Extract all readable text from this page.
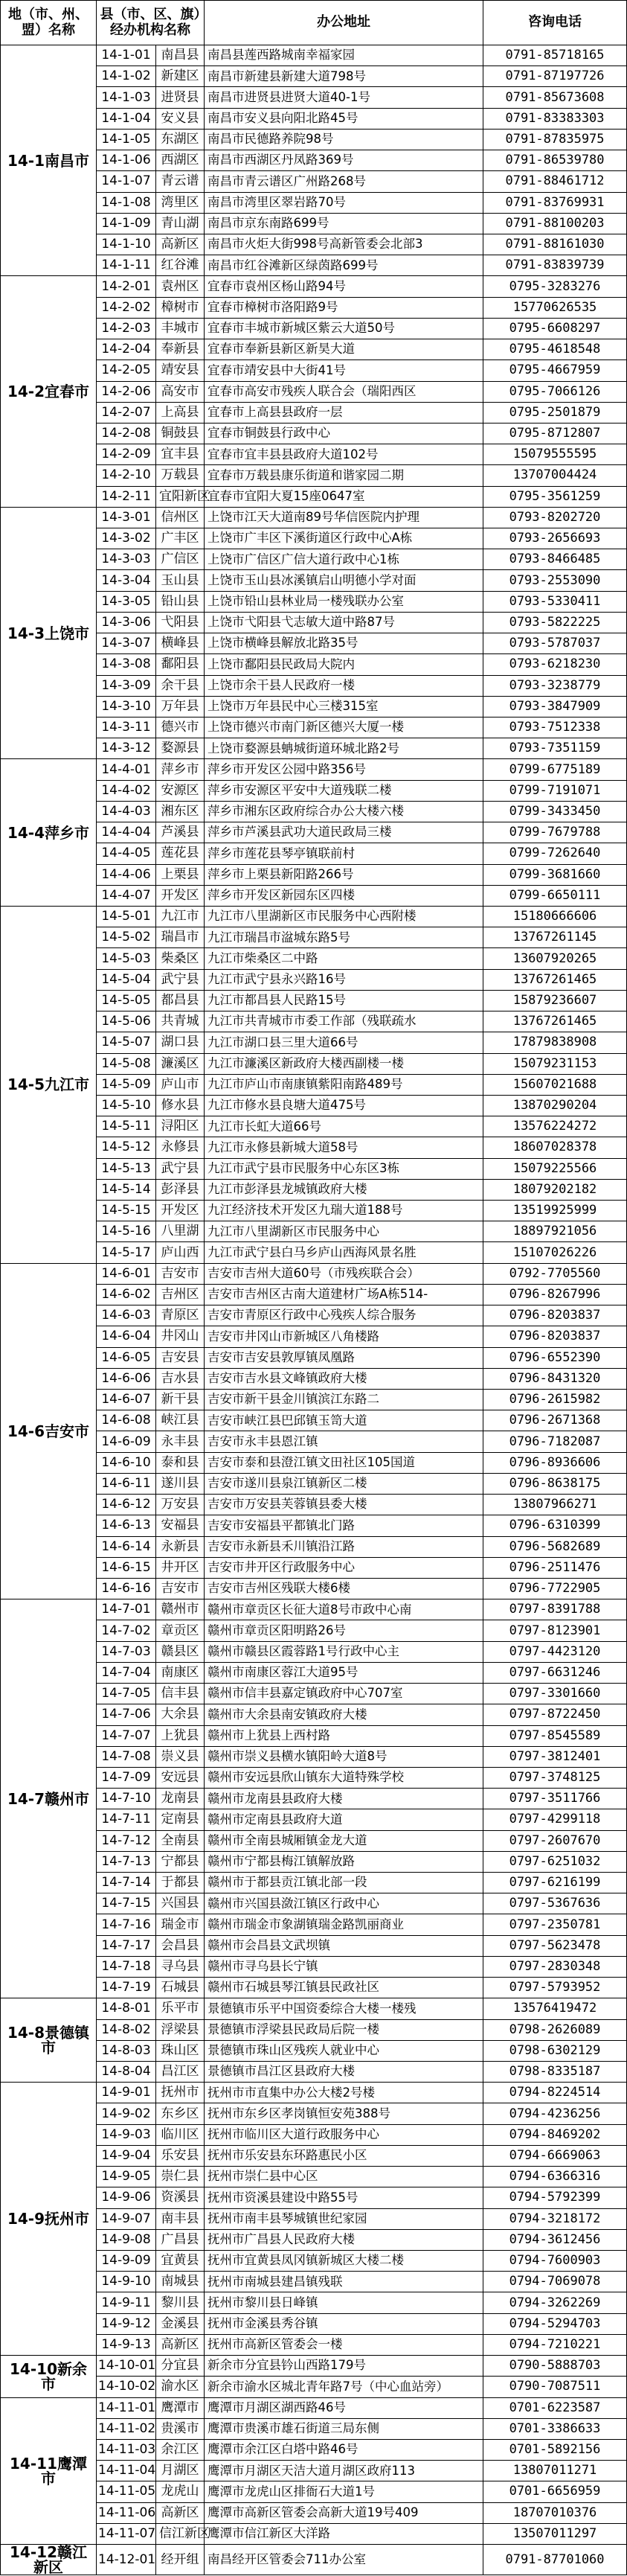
地（市、州、盟）名称	县（市、区、旗）经办机构名称		办公地址	咨询电话
14-1南昌市	14-1-01	南昌县	南昌县莲西路城南幸福家园	0791-85718165
	14-1-02	新建区	南昌市新建县新建大道798号	0791-87197726
	14-1-03	进贤县	南昌市进贤县进贤大道40-1号	0791-85673608
	14-1-04	安义县	南昌市安义县向阳北路45号	0791-83383303
	14-1-05	东湖区	南昌市民德路养院98号	0791-87835975
	14-1-06	西湖区	南昌市西湖区丹凤路369号	0791-86539780
	14-1-07	青云谱	南昌市青云谱区广州路268号	0791-88461712
	14-1-08	湾里区	南昌市湾里区翠岩路70号	0791-83769931
	14-1-09	青山湖	南昌市京东南路699号	0791-88100203
	14-1-10	高新区	南昌市火炬大街998号高新管委会北部3	0791-88161030
	14-1-11	红谷滩	南昌市红谷滩新区绿茵路699号	0791-83839739
14-2宜春市	14-2-01	袁州区	宜春市袁州区杨山路94号	0795-3283276
	14-2-02	樟树市	宜春市樟树市洛阳路9号	15770626535
	14-2-03	丰城市	宜春市丰城市新城区紫云大道50号	0795-6608297
	14-2-04	奉新县	宜春市奉新县新区新昊大道	0795-4618548
	14-2-05	靖安县	宜春市靖安县中大街41号	0795-4667959
	14-2-06	高安市	宜春市高安市残疾人联合会（瑞阳西区	0795-7066126
	14-2-07	上高县	宜春市上高县县政府一层	0795-2501879
	14-2-08	铜鼓县	宜春市铜鼓县行政中心	0795-8712807
	14-2-09	宜丰县	宜春市宜丰县县政府大道102号	15079555595
	14-2-10	万载县	宜春市万载县康乐街道和谐家园二期	13707004424
	14-2-11	宜阳新区	宜春市宜阳大夏15座0647室	0795-3561259
14-3上饶市	14-3-01	信州区	上饶市江天大道南89号华信医院内护理	0793-8202720
	14-3-02	广丰区	上饶市广丰区下溪街道区行政中心A栋	0793-2656693
	14-3-03	广信区	上饶市广信区广信大道行政中心1栋	0793-8466485
	14-3-04	玉山县	上饶市玉山县冰溪镇启山明德小学对面	0793-2553090
	14-3-05	铅山县	上饶市铅山县林业局一楼残联办公室	0793-5330411
	14-3-06	弋阳县	上饶市弋阳县弋志敏大道中路87号	0793-5822225
	14-3-07	横峰县	上饶市横峰县解放北路35号	0793-5787037
	14-3-08	鄱阳县	上饶市鄱阳县民政局大院内	0793-6218230
	14-3-09	余干县	上饶市余干县人民政府一楼	0793-3238779
	14-3-10	万年县	上饶市万年县民中心三楼315室	0793-3847909
	14-3-11	德兴市	上饶市德兴市南门新区德兴大厦一楼	0793-7512338
	14-3-12	婺源县	上饶市婺源县蚺城街道环城北路2号	0793-7351159
14-4萍乡市	14-4-01	萍乡市	萍乡市开发区公园中路356号	0799-6775189
	14-4-02	安源区	萍乡市安源区平安中大道残联二楼	0799-7191071
	14-4-03	湘东区	萍乡市湘东区政府综合办公大楼六楼	0799-3433450
	14-4-04	芦溪县	萍乡市芦溪县武功大道民政局三楼	0799-7679788
	14-4-05	莲花县	萍乡市莲花县琴亭镇联前村	0799-7262640
	14-4-06	上栗县	萍乡市上栗县新阳路266号	0799-3681660
	14-4-07	开发区	萍乡市开发区新园东区四楼	0799-6650111
14-5九江市	14-5-01	九江市	九江市八里湖新区市民服务中心西附楼	15180666606
	14-5-02	瑞昌市	九江市瑞昌市湓城东路5号	13767261145
	14-5-03	柴桑区	九江市柴桑区二中路	13607920265
	14-5-04	武宁县	九江市武宁县永兴路16号	13767261465
	14-5-05	都昌县	九江市都昌县人民路15号	15879236607
	14-5-06	共青城	九江市共青城市市委工作部（残联疏水	13767261465
	14-5-07	湖口县	九江市湖口县三里大道66号	17879838908
	14-5-08	濂溪区	九江市濂溪区新政府大楼西副楼一楼	15079231153
	14-5-09	庐山市	九江市庐山市南康镇紫阳南路489号	15607021688
	14-5-10	修水县	九江市修水县良塘大道475号	13870290204
	14-5-11	浔阳区	九江市长虹大道66号	13576224272
	14-5-12	永修县	九江市永修县新城大道58号	18607028378
	14-5-13	武宁县	九江市武宁县市民服务中心东区3栋	15079225566
	14-5-14	彭泽县	九江市彭泽县龙城镇政府大楼	18079202182
	14-5-15	开发区	九江经济技术开发区九瑞大道188号	13519925999
	14-5-16	八里湖	九江市八里湖新区市民服务中心	18897921056
	14-5-17	庐山西	九江市武宁县白马乡庐山西海风景名胜	15107026226
14-6吉安市	14-6-01	吉安市	吉安市吉州大道60号（市残疾联合会）	0792-7705560
	14-6-02	吉州区	吉安市吉州区古南大道建材广场A栋514-	0796-8267996
	14-6-03	青原区	吉安市青原区行政中心残疾人综合服务	0796-8203837
	14-6-04	井冈山	吉安市井冈山市新城区八角楼路	0796-8203837
	14-6-05	吉安县	吉安市吉安县敦厚镇凤凰路	0796-6552390
	14-6-06	吉水县	吉安市吉水县文峰镇政府大楼	0796-8431320
	14-6-07	新干县	吉安市新干县金川镇滨江东路二	0796-2615982
	14-6-08	峡江县	吉安市峡江县巴邱镇玉笥大道	0796-2671368
	14-6-09	永丰县	吉安市永丰县恩江镇	0796-7182087
	14-6-10	泰和县	吉安市泰和县澄江镇文田社区105国道	0796-8936606
	14-6-11	遂川县	吉安市遂川县泉江镇新区二楼	0796-8638175
	14-6-12	万安县	吉安市万安县芙蓉镇县委大楼	13807966271
	14-6-13	安福县	吉安市安福县平都镇北门路	0796-6310399
	14-6-14	永新县	吉安市永新县禾川镇沿江路	0796-5682689
	14-6-15	井开区	吉安市井开区行政服务中心	0796-2511476
	14-6-16	吉安市	吉安市吉州区残联大楼6楼	0796-7722905
14-7赣州市	14-7-01	赣州市	赣州市章贡区长征大道8号市政中心南	0797-8391788
	14-7-02	章贡区	赣州市章贡区阳明路26号	0797-8123901
	14-7-03	赣县区	赣州市赣县区霞蓉路1号行政中心主	0797-4423120
	14-7-04	南康区	赣州市南康区蓉江大道95号	0797-6631246
	14-7-05	信丰县	赣州市信丰县嘉定镇政府中心707室	0797-3301660
	14-7-06	大余县	赣州市大余县南安镇政府大楼	0797-8722450
	14-7-07	上犹县	赣州市上犹县上西村路	0797-8545589
	14-7-08	崇义县	赣州市崇义县横水镇阳岭大道8号	0797-3812401
	14-7-09	安远县	赣州市安远县欣山镇东大道特殊学校	0797-3748125
	14-7-10	龙南县	赣州市龙南县县政府大楼	0797-3511766
	14-7-11	定南县	赣州市定南县县政府大道	0797-4299118
	14-7-12	全南县	赣州市全南县城厢镇金龙大道	0797-2607670
	14-7-13	宁都县	赣州市宁都县梅江镇解放路	0797-6251032
	14-7-14	于都县	赣州市于都县贡江镇北部一段	0797-6216199
	14-7-15	兴国县	赣州市兴国县潋江镇区行政中心	0797-5367636
	14-7-16	瑞金市	赣州市瑞金市象湖镇瑞金路凯丽商业	0797-2350781
	14-7-17	会昌县	赣州市会昌县文武坝镇	0797-5623478
	14-7-18	寻乌县	赣州市寻乌县长宁镇	0797-2830348
	14-7-19	石城县	赣州市石城县琴江镇县民政社区	0797-5793952
14-8景德镇市	14-8-01	乐平市	景德镇市乐平中国资委综合大楼一楼残	13576419472
	14-8-02	浮梁县	景德镇市浮梁县民政局后院一楼	0798-2626089
	14-8-03	珠山区	景德镇市珠山区残疾人就业中心	0798-6302129
	14-8-04	昌江区	景德镇市昌江区县政府大楼	0798-8335187
14-9抚州市	14-9-01	抚州市	抚州市市直集中办公大楼2号楼	0794-8224514
	14-9-02	东乡区	抚州市东乡区孝岗镇恒安苑388号	0794-4236256
	14-9-03	临川区	抚州市临川区大道行政服务中心	0794-8469202
	14-9-04	乐安县	抚州市乐安县东环路惠民小区	0794-6669063
	14-9-05	崇仁县	抚州市崇仁县中心区	0794-6366316
	14-9-06	资溪县	抚州市资溪县建设中路55号	0794-5792399
	14-9-07	南丰县	抚州市南丰县琴城镇世纪家园	0794-3218172
	14-9-08	广昌县	抚州市广昌县人民政府大楼	0794-3612456
	14-9-09	宜黄县	抚州市宜黄县凤冈镇新城区大楼二楼	0794-7600903
	14-9-10	南城县	抚州市南城县建昌镇残联	0794-7069078
	14-9-11	黎川县	抚州市黎川县日峰镇	0794-3262269
	14-9-12	金溪县	抚州市金溪县秀谷镇	0794-5294703
	14-9-13	高新区	抚州市高新区管委会一楼	0794-7210221
14-10新余市	14-10-01	分宜县	新余市分宜县钤山西路179号	0790-5888703
	14-10-02	渝水区	新余市渝水区城北青年路7号（中心血站旁）	0790-7087511
14-11鹰潭市	14-11-01	鹰潭市	鹰潭市月湖区湖西路46号	0701-6223587
	14-11-02	贵溪市	鹰潭市贵溪市雄石街道三局东侧	0701-3386633
	14-11-03	余江区	鹰潭市余江区白塔中路46号	0701-5892156
	14-11-04	月湖区	鹰潭市月湖区天洁大道月湖区政府113	13807011271
	14-11-05	龙虎山	鹰潭市龙虎山区排衙石大道1号	0701-6656959
	14-11-06	高新区	鹰潭市高新区管委会高新大道19号409	18707010376
	14-11-07	信江新区	鹰潭市信江新区大洋路	13507011297
14-12赣江新区	14-12-01	经开组	南昌经开区管委会711办公室	0791-87701060
